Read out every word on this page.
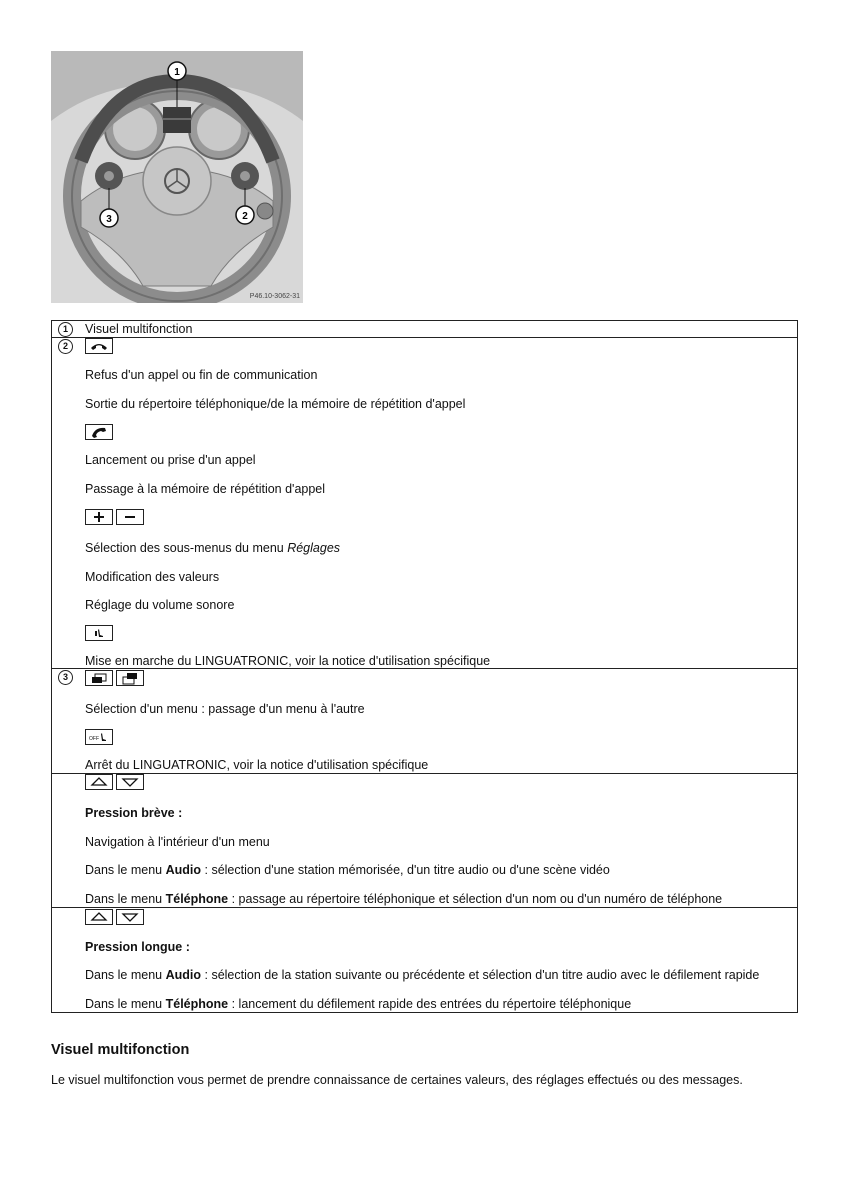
1
3	2
P46.10-3062-31
1	Visuel multifonction
2
Refus d'un appel ou fin de communication
Sortie du répertoire téléphonique/de la mémoire de répétition d'appel
Lancement ou prise d'un appel
Passage à la mémoire de répétition d'appel
Sélection des sous-menus du menu Réglages
Modification des valeurs
Réglage du volume sonore
Mise en marche du LINGUATRONIC, voir la notice d'utilisation spécifique
3
Sélection d'un menu : passage d'un menu à l'autre
OFF
Arrêt du LINGUATRONIC, voir la notice d'utilisation spécifique
Pression brève :
Navigation à l'intérieur d'un menu
Dans le menu Audio : sélection d'une station mémorisée, d'un titre audio ou d'une scène vidéo
Dans le menu Téléphone : passage au répertoire téléphonique et sélection d'un nom ou d'un numéro de téléphone
Pression longue :
Dans le menu Audio : sélection de la station suivante ou précédente et sélection d'un titre audio avec le défilement rapide
Dans le menu Téléphone : lancement du défilement rapide des entrées du répertoire téléphonique
Visuel multifonction
Le visuel multifonction vous permet de prendre connaissance de certaines valeurs, des réglages effectués ou des messages.
